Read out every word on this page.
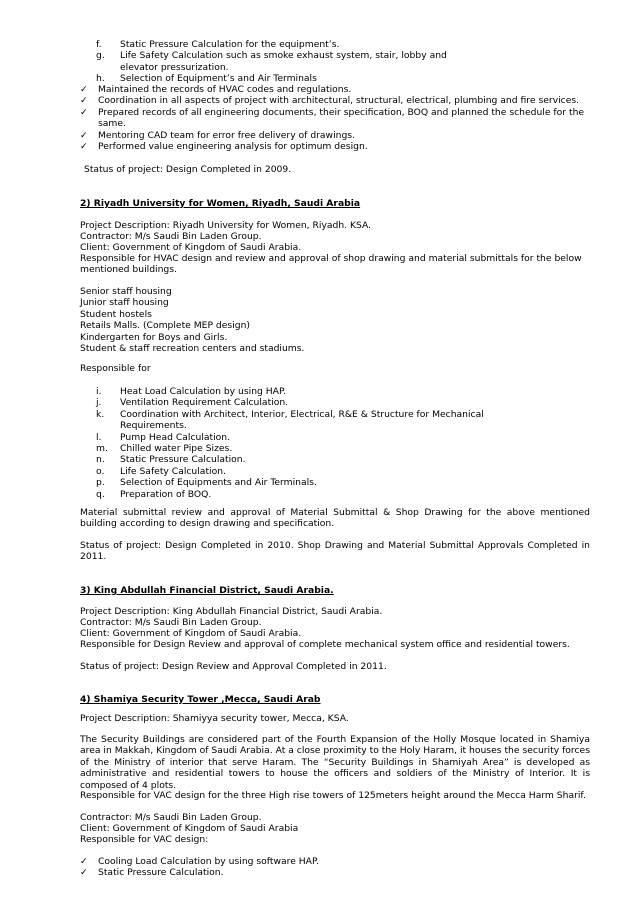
f.	Static Pressure Calculation for the equipment’s.
g.	Life Safety Calculation such as smoke exhaust system, stair, lobby and elevator pressurization.
h.	Selection of Equipment’s and Air Terminals
✓	Maintained the records of HVAC codes and regulations.
✓	Coordination in all aspects of project with architectural, structural, electrical, plumbing and fire services.
✓	Prepared records of all engineering documents, their specification, BOQ and planned the schedule for the same.
✓	Mentoring CAD team for error free delivery of drawings.
✓	Performed value engineering analysis for optimum design.
Status of project: Design Completed in 2009.
2) Riyadh University for Women, Riyadh, Saudi Arabia
Project Description: Riyadh University for Women, Riyadh. KSA.
Contractor: M/s Saudi Bin Laden Group.
Client: Government of Kingdom of Saudi Arabia.
Responsible for HVAC design and review and approval of shop drawing and material submittals for the below mentioned buildings.
Senior staff housing
Junior staff housing
Student hostels
Retails Malls. (Complete MEP design)
Kindergarten for Boys and Girls.
Student & staff recreation centers and stadiums.
Responsible for
i.	Heat Load Calculation by using HAP.
j.	Ventilation Requirement Calculation.
k.	Coordination with Architect, Interior, Electrical, R&E & Structure for Mechanical Requirements.
l.	Pump Head Calculation.
m.	Chilled water Pipe Sizes.
n.	Static Pressure Calculation.
o.	Life Safety Calculation.
p.	Selection of Equipments and Air Terminals.
q.	Preparation of BOQ.
Material submittal review and approval of Material Submittal & Shop Drawing for the above mentioned building according to design drawing and specification.
Status of project: Design Completed in 2010. Shop Drawing and Material Submittal Approvals Completed in 2011.
3) King Abdullah Financial District, Saudi Arabia.
Project Description: King Abdullah Financial District, Saudi Arabia.
Contractor: M/s Saudi Bin Laden Group.
Client: Government of Kingdom of Saudi Arabia.
Responsible for Design Review and approval of complete mechanical system office and residential towers.
Status of project: Design Review and Approval Completed in 2011.
4) Shamiya Security Tower ,Mecca, Saudi Arab
Project Description: Shamiyya security tower, Mecca, KSA.
The Security Buildings are considered part of the Fourth Expansion of the Holly Mosque located in Shamiya area in Makkah, Kingdom of Saudi Arabia. At a close proximity to the Holy Haram, it houses the security forces of the Ministry of interior that serve Haram. The “Security Buildings in Shamiyah Area” is developed as administrative and residential towers to house the officers and soldiers of the Ministry of Interior. It is composed of 4 plots.
Responsible for VAC design for the three High rise towers of 125meters height around the Mecca Harm Sharif.
Contractor: M/s Saudi Bin Laden Group.
Client: Government of Kingdom of Saudi Arabia
Responsible for VAC design:
✓	Cooling Load Calculation by using software HAP.
✓	Static Pressure Calculation.
